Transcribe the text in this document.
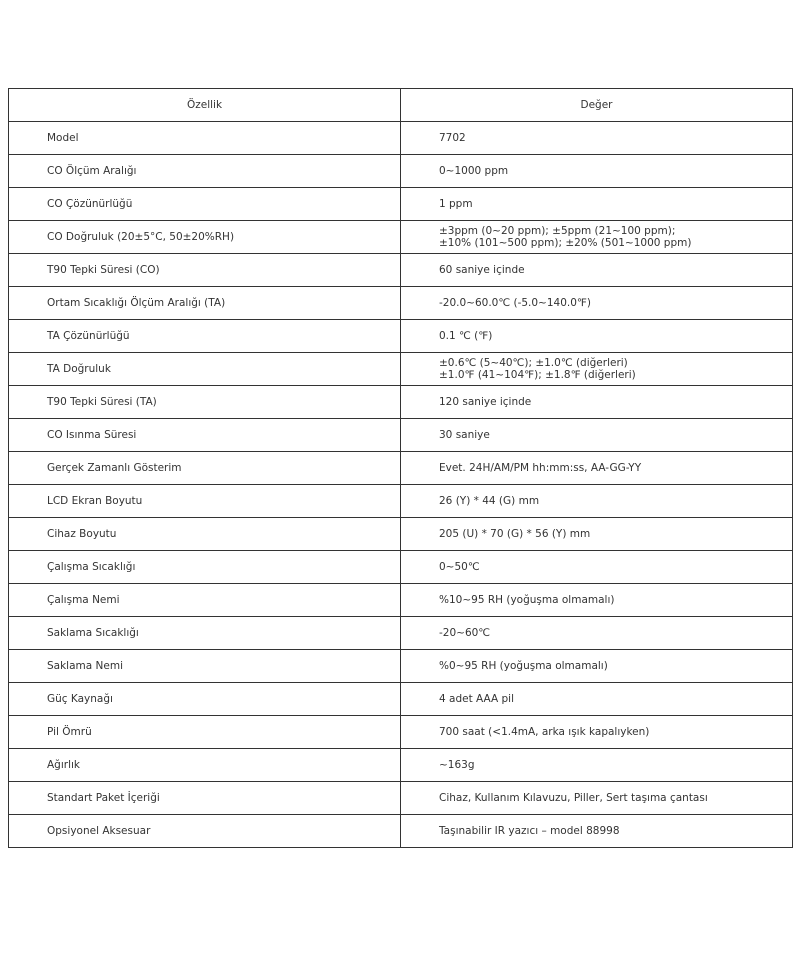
Özellik	Değer
Model	7702

CO Ölçüm Aralığı	0~1000 ppm

CO Çözünürlüğü	1 ppm

CO Doğruluk (20±5°C, 50±20%RH)	±3ppm (0~20 ppm); ±5ppm (21~100 ppm);
±10% (101~500 ppm); ±20% (501~1000 ppm)

T90 Tepki Süresi (CO)	60 saniye içinde

Ortam Sıcaklığı Ölçüm Aralığı (TA)	-20.0~60.0℃ (-5.0~140.0℉)

TA Çözünürlüğü	0.1 ℃ (℉)

TA Doğruluk	±0.6℃ (5~40℃); ±1.0℃ (diğerleri)
±1.0℉ (41~104℉); ±1.8℉ (diğerleri)

T90 Tepki Süresi (TA)	120 saniye içinde

CO Isınma Süresi	30 saniye

Gerçek Zamanlı Gösterim	Evet. 24H/AM/PM hh:mm:ss, AA-GG-YY

LCD Ekran Boyutu	26 (Y) * 44 (G) mm

Cihaz Boyutu	205 (U) * 70 (G) * 56 (Y) mm

Çalışma Sıcaklığı	0~50℃

Çalışma Nemi	%10~95 RH (yoğuşma olmamalı)

Saklama Sıcaklığı	-20~60℃

Saklama Nemi	%0~95 RH (yoğuşma olmamalı)

Güç Kaynağı	4 adet AAA pil

Pil Ömrü	700 saat (<1.4mA, arka ışık kapalıyken)

Ağırlık	~163g

Standart Paket İçeriği	Cihaz, Kullanım Kılavuzu, Piller, Sert taşıma çantası

Opsiyonel Aksesuar	Taşınabilir IR yazıcı – model 88998
